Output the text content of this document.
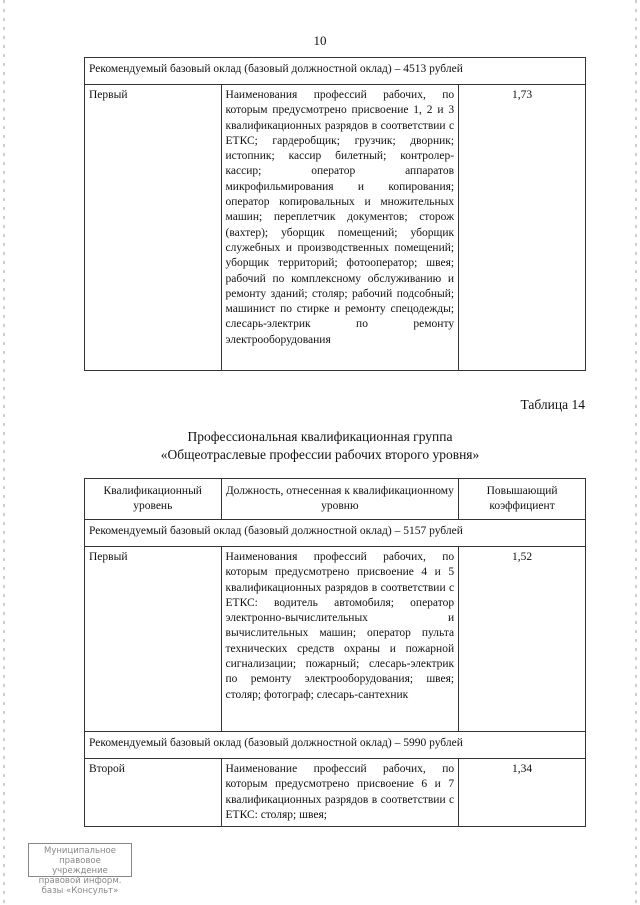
10
Рекомендуемый базовый оклад (базовый должностной оклад) – 4513 рублей
Первый	Наименования профессий рабочих, по которым предусмотрено присвоение 1, 2 и 3 квалификационных разрядов в соответствии с ЕТКС; гардеробщик; грузчик; дворник; истопник; кассир билетный; контролер-кассир; оператор аппаратов микрофильмирования и копирования; оператор копировальных и множительных машин; переплетчик документов; сторож (вахтер); уборщик помещений; уборщик служебных и производственных помещений; уборщик территорий; фотооператор; швея; рабочий по комплексному обслуживанию и ремонту зданий; столяр; рабочий подсобный; машинист по стирке и ремонту спецодежды; слесарь-электрик по ремонту электрооборудования	1,73
Таблица 14
Профессиональная квалификационная группа
«Общеотраслевые профессии рабочих второго уровня»
Квалификационный уровень	Должность, отнесенная к квалификационному уровню	Повышающий коэффициент
Рекомендуемый базовый оклад (базовый должностной оклад) – 5157 рублей		
Первый	Наименования профессий рабочих, по которым предусмотрено присвоение 4 и 5 квалификационных разрядов в соответствии с ЕТКС: водитель автомобиля; оператор электронно-вычислительных и вычислительных машин; оператор пульта технических средств охраны и пожарной сигнализации; пожарный; слесарь-электрик по ремонту электрооборудования; швея; столяр; фотограф; слесарь-сантехник	1,52
Рекомендуемый базовый оклад (базовый должностной оклад) – 5990 рублей		
Второй	Наименование профессий рабочих, по которым предусмотрено присвоение 6 и 7 квалификационных разрядов в соответствии с ЕТКС: столяр; швея;	1,34
Муниципальное правовое
учреждение правовой информ.
базы «Консульт»
